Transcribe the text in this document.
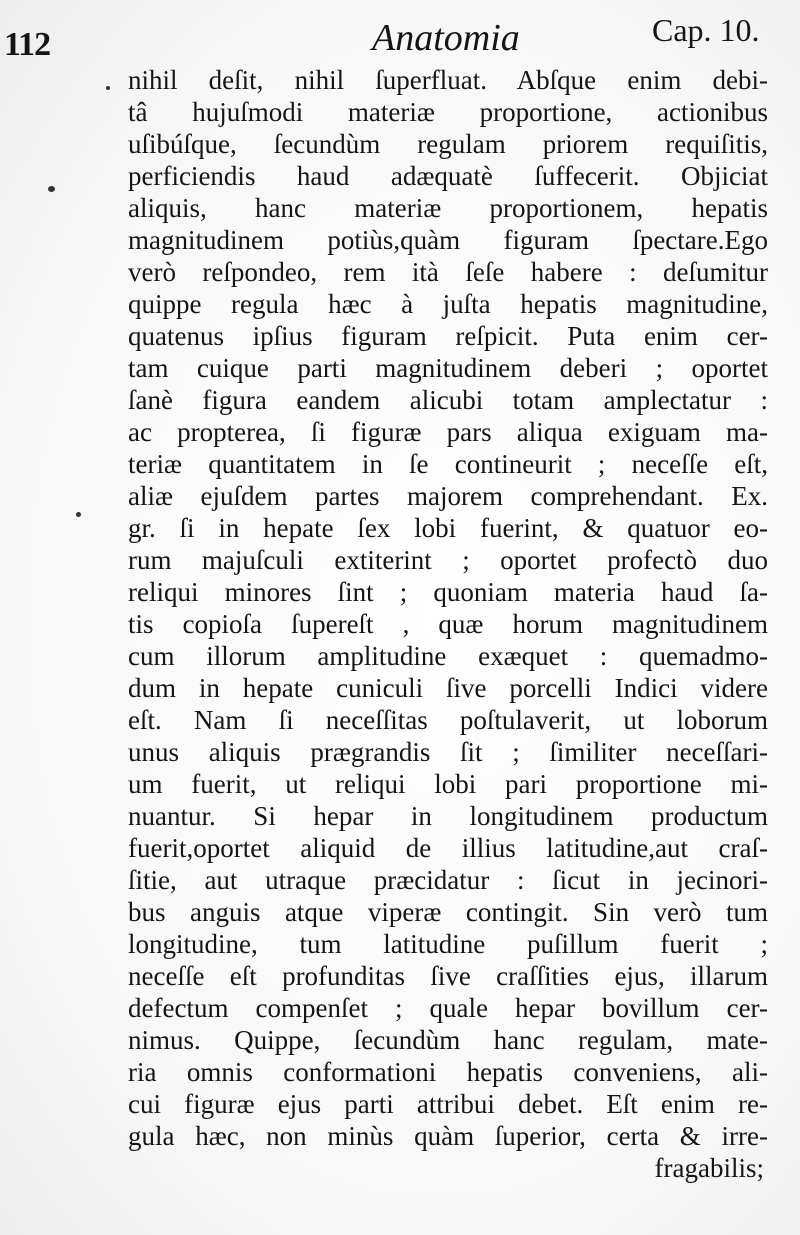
112	Anatomia	Cap. 10.
nihil deſit, nihil ſuperfluat. Abſque enim debi-
tâ hujuſmodi materiæ proportione, actionibus
uſibúſque, ſecundùm regulam priorem requiſitis,
perficiendis haud adæquatè ſuffecerit. Objiciat
aliquis, hanc materiæ proportionem, hepatis
magnitudinem potiùs,quàm figuram ſpectare.Ego
verò reſpondeo, rem ità ſeſe habere : deſumitur
quippe regula hæc à juſta hepatis magnitudine,
quatenus ipſius figuram reſpicit. Puta enim cer-
tam cuique parti magnitudinem deberi ; oportet
ſanè figura eandem alicubi totam amplectatur :
ac propterea, ſi figuræ pars aliqua exiguam ma-
teriæ quantitatem in ſe contineurit ; neceſſe eſt,
aliæ ejuſdem partes majorem comprehendant. Ex.
gr. ſi in hepate ſex lobi fuerint, & quatuor eo-
rum majuſculi extiterint ; oportet profectò duo
reliqui minores ſint ; quoniam materia haud ſa-
tis copioſa ſupereſt , quæ horum magnitudinem
cum illorum amplitudine exæquet : quemadmo-
dum in hepate cuniculi ſive porcelli Indici videre
eſt. Nam ſi neceſſitas poſtulaverit, ut loborum
unus aliquis prægrandis ſit ; ſimiliter neceſſari-
um fuerit, ut reliqui lobi pari proportione mi-
nuantur. Si hepar in longitudinem productum
fuerit,oportet aliquid de illius latitudine,aut craſ-
ſitie, aut utraque præcidatur : ſicut in jecinori-
bus anguis atque viperæ contingit. Sin verò tum
longitudine, tum latitudine puſillum fuerit ;
neceſſe eſt profunditas ſive craſſities ejus, illarum
defectum compenſet ; quale hepar bovillum cer-
nimus. Quippe, ſecundùm hanc regulam, mate-
ria omnis conformationi hepatis conveniens, ali-
cui figuræ ejus parti attribui debet. Eſt enim re-
gula hæc, non minùs quàm ſuperior, certa & irre-
fragabilis;
